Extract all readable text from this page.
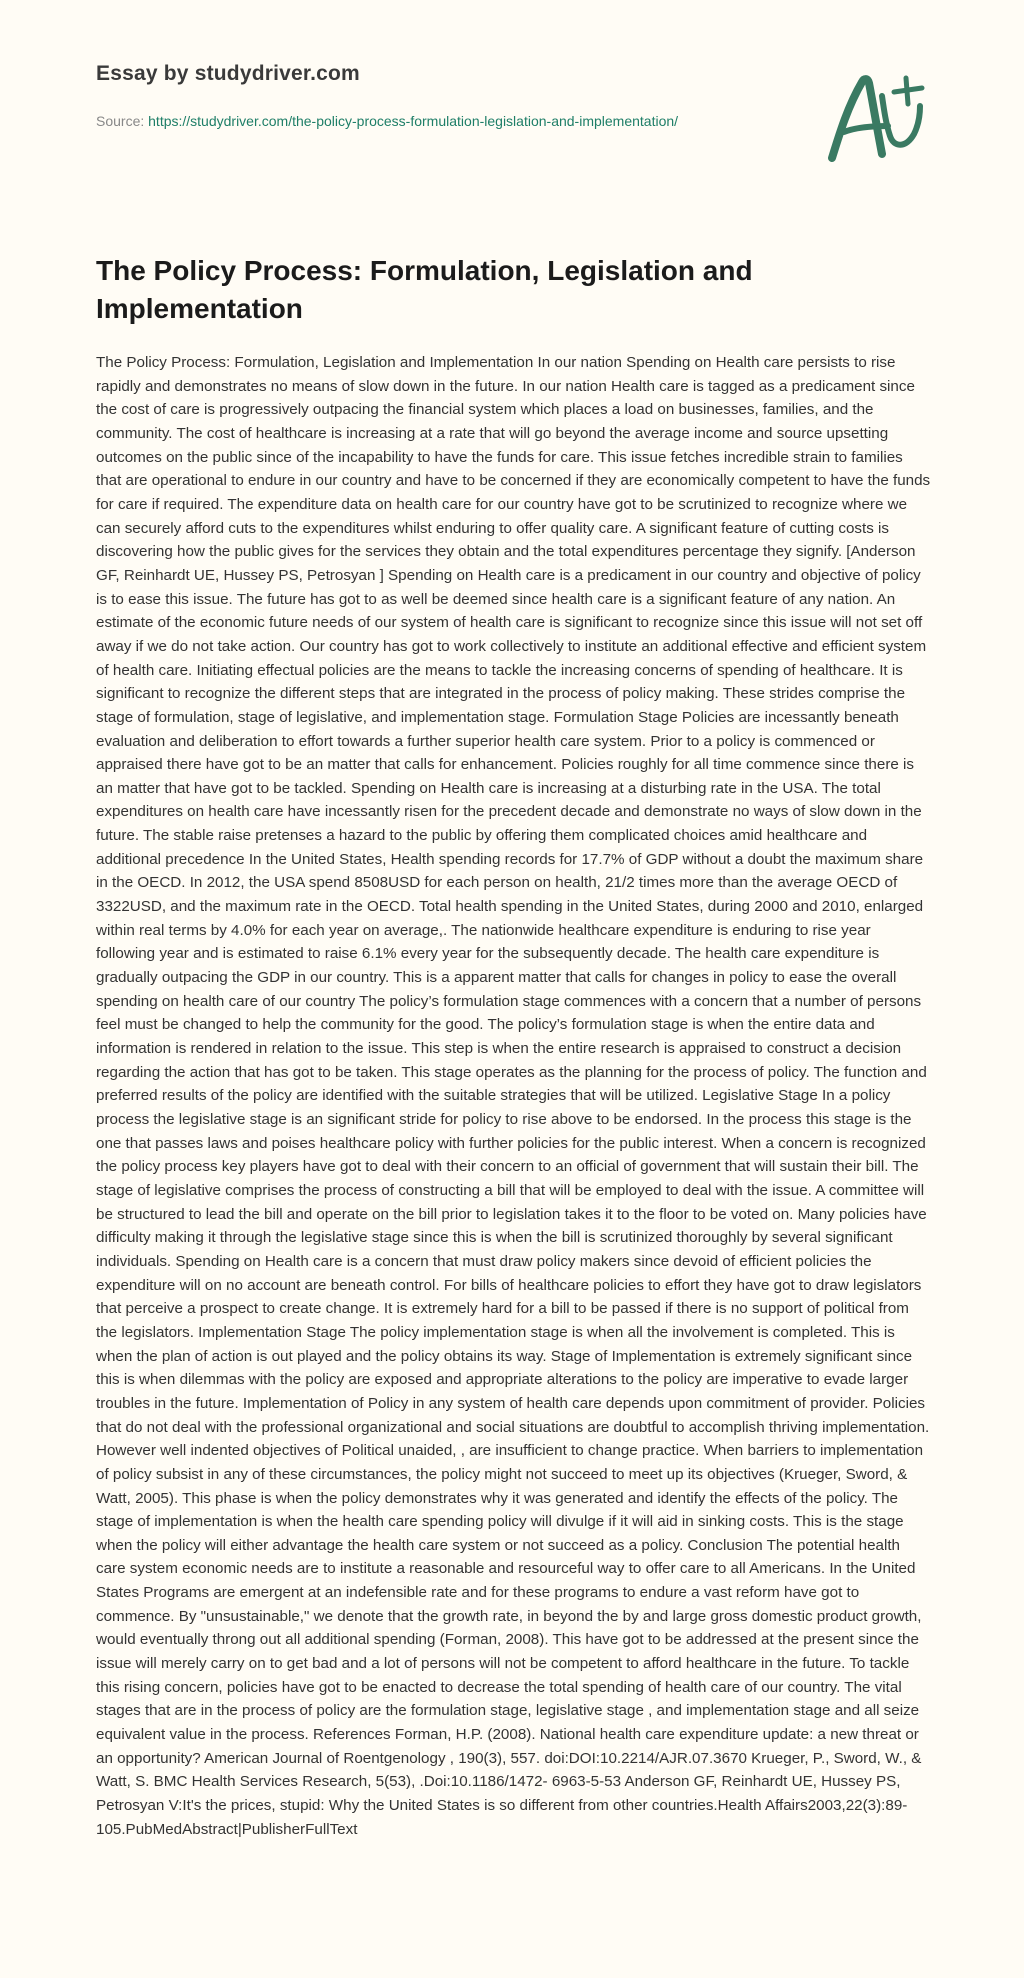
Essay by studydriver.com
Source: https://studydriver.com/the-policy-process-formulation-legislation-and-implementation/
The Policy Process: Formulation, Legislation and Implementation

The Policy Process: Formulation, Legislation and Implementation In our nation Spending on Health care persists to rise rapidly and demonstrates no means of slow down in the future. In our nation Health care is tagged as a predicament since the cost of care is progressively outpacing the financial system which places a load on businesses, families, and the community. The cost of healthcare is increasing at a rate that will go beyond the average income and source upsetting outcomes on the public since of the incapability to have the funds for care. This issue fetches incredible strain to families that are operational to endure in our country and have to be concerned if they are economically competent to have the funds for care if required. The expenditure data on health care for our country have got to be scrutinized to recognize where we can securely afford cuts to the expenditures whilst enduring to offer quality care. A significant feature of cutting costs is discovering how the public gives for the services they obtain and the total expenditures percentage they signify. [Anderson GF, Reinhardt UE, Hussey PS, Petrosyan ] Spending on Health care is a predicament in our country and objective of policy is to ease this issue. The future has got to as well be deemed since health care is a significant feature of any nation. An estimate of the economic future needs of our system of health care is significant to recognize since this issue will not set off away if we do not take action. Our country has got to work collectively to institute an additional effective and efficient system of health care. Initiating effectual policies are the means to tackle the increasing concerns of spending of healthcare. It is significant to recognize the different steps that are integrated in the process of policy making. These strides comprise the stage of formulation, stage of legislative, and implementation stage. Formulation Stage Policies are incessantly beneath evaluation and deliberation to effort towards a further superior health care system. Prior to a policy is commenced or appraised there have got to be an matter that calls for enhancement. Policies roughly for all time commence since there is an matter that have got to be tackled. Spending on Health care is increasing at a disturbing rate in the USA. The total expenditures on health care have incessantly risen for the precedent decade and demonstrate no ways of slow down in the future. The stable raise pretenses a hazard to the public by offering them complicated choices amid healthcare and additional precedence In the United States, Health spending records for 17.7% of GDP without a doubt the maximum share in the OECD. In 2012, the USA spend 8508USD for each person on health, 21/2 times more than the average OECD of 3322USD, and the maximum rate in the OECD. Total health spending in the United States, during 2000 and 2010, enlarged within real terms by 4.0% for each year on average,. The nationwide healthcare expenditure is enduring to rise year following year and is estimated to raise 6.1% every year for the subsequently decade. The health care expenditure is gradually outpacing the GDP in our country. This is a apparent matter that calls for changes in policy to ease the overall spending on health care of our country The policy’s formulation stage commences with a concern that a number of persons feel must be changed to help the community for the good. The policy’s formulation stage is when the entire data and information is rendered in relation to the issue. This step is when the entire research is appraised to construct a decision regarding the action that has got to be taken. This stage operates as the planning for the process of policy. The function and preferred results of the policy are identified with the suitable strategies that will be utilized. Legislative Stage In a policy process the legislative stage is an significant stride for policy to rise above to be endorsed. In the process this stage is the one that passes laws and poises healthcare policy with further policies for the public interest. When a concern is recognized the policy process key players have got to deal with their concern to an official of government that will sustain their bill. The stage of legislative comprises the process of constructing a bill that will be employed to deal with the issue. A committee will be structured to lead the bill and operate on the bill prior to legislation takes it to the floor to be voted on. Many policies have difficulty making it through the legislative stage since this is when the bill is scrutinized thoroughly by several significant individuals. Spending on Health care is a concern that must draw policy makers since devoid of efficient policies the expenditure will on no account are beneath control. For bills of healthcare policies to effort they have got to draw legislators that perceive a prospect to create change. It is extremely hard for a bill to be passed if there is no support of political from the legislators. Implementation Stage The policy implementation stage is when all the involvement is completed. This is when the plan of action is out played and the policy obtains its way. Stage of Implementation is extremely significant since this is when dilemmas with the policy are exposed and appropriate alterations to the policy are imperative to evade larger troubles in the future. Implementation of Policy in any system of health care depends upon commitment of provider. Policies that do not deal with the professional organizational and social situations are doubtful to accomplish thriving implementation. However well indented objectives of Political unaided, , are insufficient to change practice. When barriers to implementation of policy subsist in any of these circumstances, the policy might not succeed to meet up its objectives (Krueger, Sword, & Watt, 2005). This phase is when the policy demonstrates why it was generated and identify the effects of the policy. The stage of implementation is when the health care spending policy will divulge if it will aid in sinking costs. This is the stage when the policy will either advantage the health care system or not succeed as a policy. Conclusion The potential health care system economic needs are to institute a reasonable and resourceful way to offer care to all Americans. In the United States Programs are emergent at an indefensible rate and for these programs to endure a vast reform have got to commence. By "unsustainable," we denote that the growth rate, in beyond the by and large gross domestic product growth, would eventually throng out all additional spending (Forman, 2008). This have got to be addressed at the present since the issue will merely carry on to get bad and a lot of persons will not be competent to afford healthcare in the future. To tackle this rising concern, policies have got to be enacted to decrease the total spending of health care of our country. The vital stages that are in the process of policy are the formulation stage, legislative stage , and implementation stage and all seize equivalent value in the process. References Forman, H.P. (2008). National health care expenditure update: a new threat or an opportunity? American Journal of Roentgenology , 190(3), 557. doi:DOI:10.2214/AJR.07.3670 Krueger, P., Sword, W., & Watt, S. BMC Health Services Research, 5(53), .Doi:10.1186/1472- 6963-5-53 Anderson GF, Reinhardt UE, Hussey PS, Petrosyan V:It's the prices, stupid: Why the United States is so different from other countries.Health Affairs2003,22(3):89-105.PubMedAbstract|PublisherFullText
